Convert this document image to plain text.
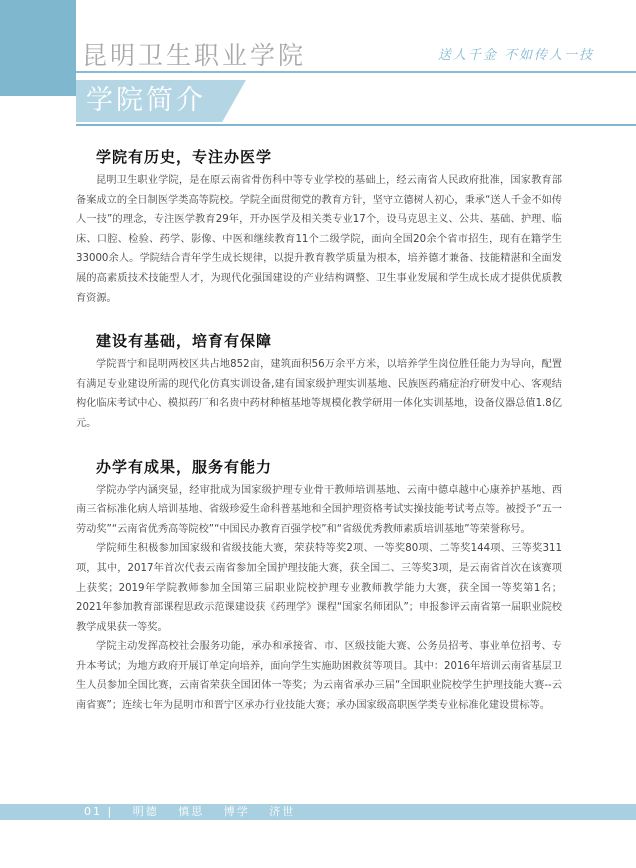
昆明卫生职业学院	送人千金 不如传人一技
学院简介
学院有历史，专注办医学

昆明卫生职业学院，是在原云南省骨伤科中等专业学校的基础上，经云南省人民政府批准，国家教育部备案成立的全日制医学类高等院校。学院全面贯彻党的教育方针，坚守立德树人初心，秉承“送人千金不如传人一技”的理念，专注医学教育29年，开办医学及相关类专业17个，设马克思主义、公共、基础、护理、临床、口腔、检验、药学、影像、中医和继续教育11个二级学院，面向全国20余个省市招生，现有在籍学生33000余人。学院结合青年学生成长规律，以提升教育教学质量为根本，培养德才兼备、技能精湛和全面发展的高素质技术技能型人才，为现代化强国建设的产业结构调整、卫生事业发展和学生成长成才提供优质教育资源。

建设有基础，培育有保障

学院晋宁和昆明两校区共占地852亩，建筑面积56万余平方米，以培养学生岗位胜任能力为导向，配置有满足专业建设所需的现代化仿真实训设备,建有国家级护理实训基地、民族医药痛症治疗研发中心、客观结构化临床考试中心、模拟药厂和名贵中药材种植基地等规模化教学研用一体化实训基地，设备仪器总值1.8亿元。

办学有成果，服务有能力

学院办学内涵突显，经审批成为国家级护理专业骨干教师培训基地、云南中德卓越中心康养护基地、西南三省标准化病人培训基地、省级珍爱生命科普基地和全国护理资格考试实操技能考试考点等。被授予“五一劳动奖”“云南省优秀高等院校”“中国民办教育百强学校”和“省级优秀教师素质培训基地”等荣誉称号。

学院师生积极参加国家级和省级技能大赛，荣获特等奖2项、一等奖80项、二等奖144项、三等奖311项，其中，2017年首次代表云南省参加全国护理技能大赛，获全国二、三等奖3项，是云南省首次在该赛项上获奖；2019年学院教师参加全国第三届职业院校护理专业教师教学能力大赛，获全国一等奖第1名；2021年参加教育部课程思政示范课建设获《药理学》课程“国家名师团队”；申报参评云南省第一届职业院校教学成果获一等奖。

学院主动发挥高校社会服务功能，承办和承接省、市、区级技能大赛、公务员招考、事业单位招考、专升本考试；为地方政府开展订单定向培养，面向学生实施助困救贫等项目。其中：2016年培训云南省基层卫生人员参加全国比赛，云南省荣获全国团体一等奖；为云南省承办三届“全国职业院校学生护理技能大赛--云南省赛”；连续七年为昆明市和晋宁区承办行业技能大赛；承办国家级高职医学类专业标准化建设贯标等。

01 | 明德 慎思 博学 济世
